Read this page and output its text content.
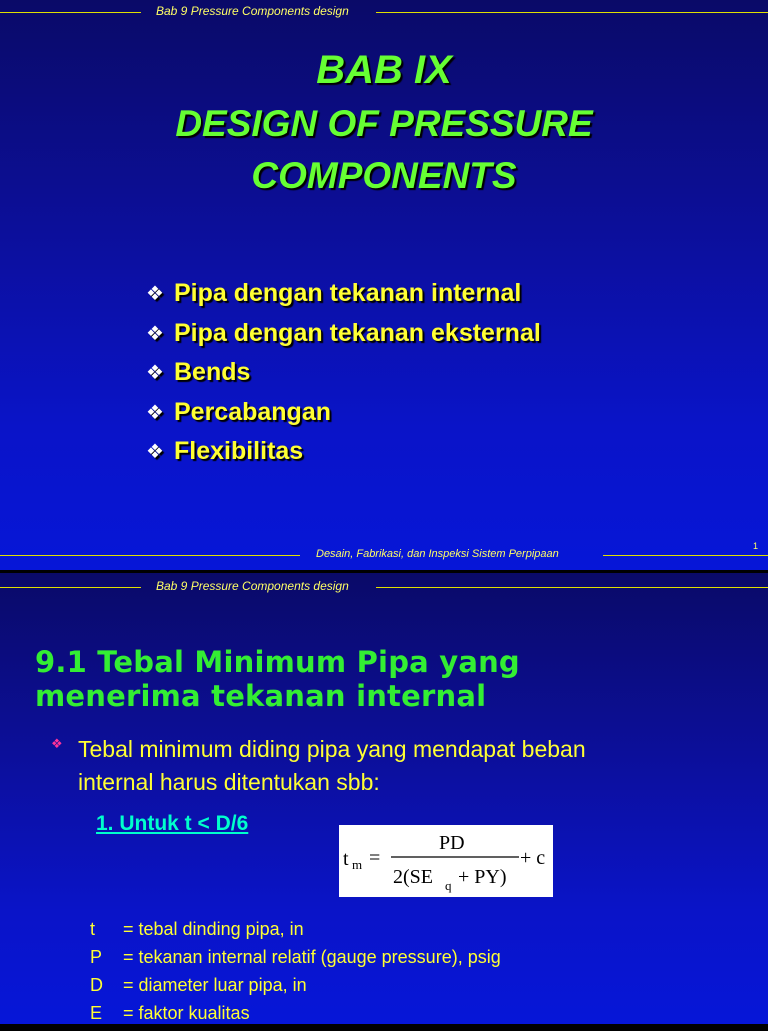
Bab 9 Pressure Components design
BAB IX
DESIGN OF PRESSURE
COMPONENTS
❖ Pipa dengan tekanan internal
❖ Pipa dengan tekanan eksternal
❖ Bends
❖ Percabangan
❖ Flexibilitas
1
Desain, Fabrikasi, dan Inspeksi Sistem Perpipaan
Bab 9 Pressure Components design
9.1 Tebal Minimum Pipa yang
menerima tekanan internal
❖ Tebal minimum diding pipa yang mendapat beban
internal harus ditentukan sbb:
1. Untuk t < D/6
t m =
PD
2(SE q + PY)
+ c
t = tebal dinding pipa, in
P = tekanan internal relatif (gauge pressure), psig
D = diameter luar pipa, in
E = faktor kualitas
